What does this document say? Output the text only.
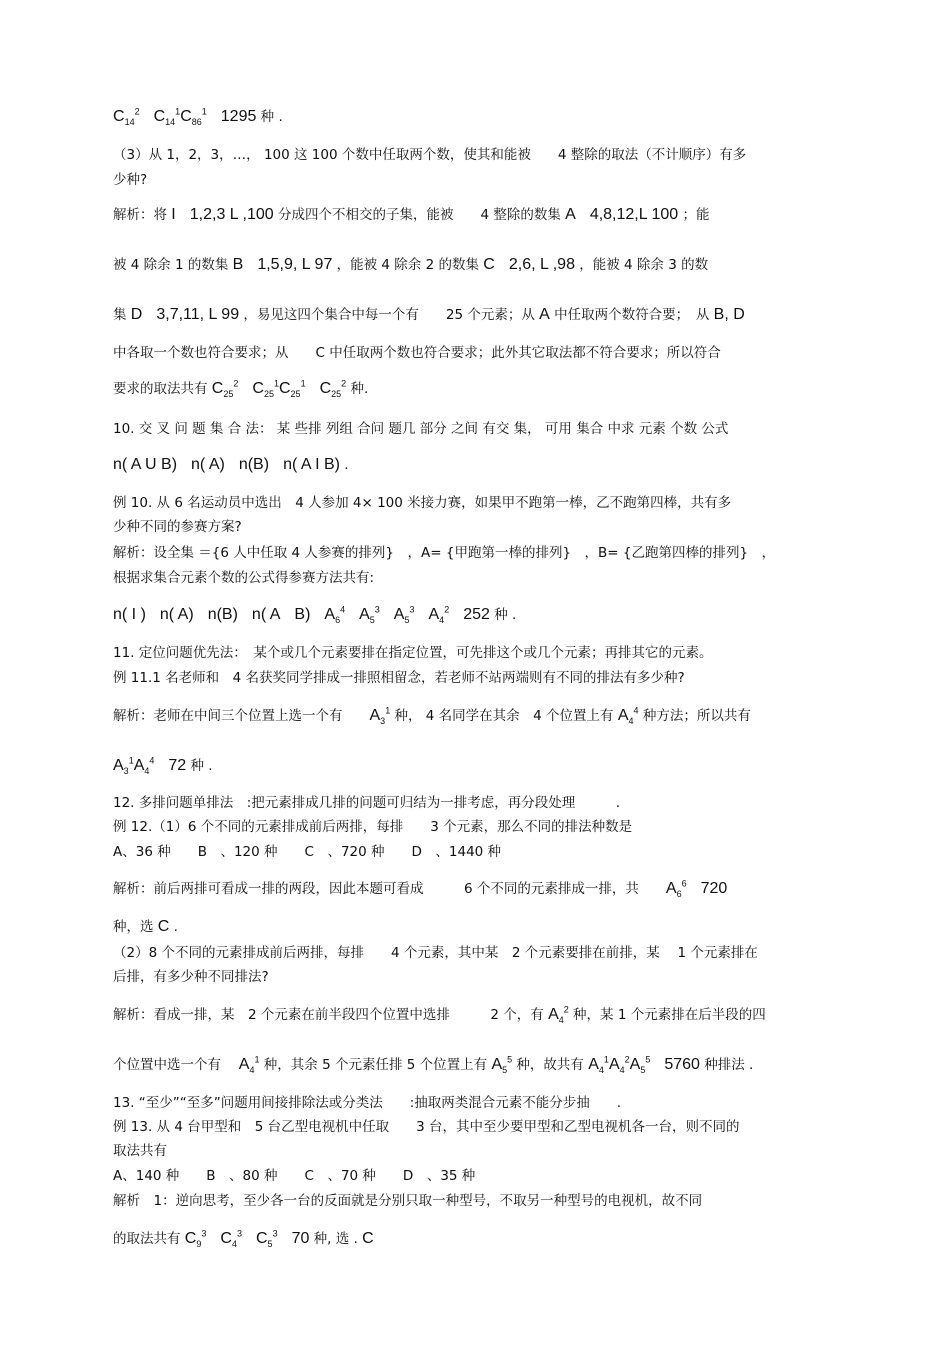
$C_{14}^2$ $C_{14}^1C_{86}^1$ 1295 种 .
（3）从 1，2，3，…， 100 这 100 个数中任取两个数，使其和能被　　4 整除的取法（不计顺序）有多
少种?
解析：将 I 1,2,3 L ,100 分成四个不相交的子集，能被　　4 整除的数集 A 4,8,12,L 100 ；能
被 4 除余 1 的数集 B 1,5,9, L 97 ，能被 4 除余 2 的数集 C 2,6, L ,98 ，能被 4 除余 3 的数
集 D 3,7,11, L 99 ，易见这四个集合中每一个有　　25 个元素；从 A 中任取两个数符合要；　从 B, D
中各取一个数也符合要求；从　　C 中任取两个数也符合要求；此外其它取法都不符合要求；所以符合
要求的取法共有 $C_{25}^2$ $C_{25}^1C_{25}^1$ $C_{25}^2$ 种.
10. 交 叉 问 题 集 合 法： 某 些排 列组 合问 题几 部分 之间 有交 集， 可用 集合 中求 元素 个数 公式
n( A U B) n( A) n(B) n( A I B) .
例 10. 从 6 名运动员中选出　4 人参加 4× 100 米接力赛，如果甲不跑第一棒，乙不跑第四棒，共有多
少种不同的参赛方案?
解析：设全集 ＝{6 人中任取 4 人参赛的排列}　，A= {甲跑第一棒的排列}　，B= {乙跑第四棒的排列}　，
根据求集合元素个数的公式得参赛方法共有:
n( I ) n( A) n(B) n( A B) $A_6^4$ $A_5^3$ $A_5^3$ $A_4^2$ 252 种 .
11. 定位问题优先法：　某个或几个元素要排在指定位置，可先排这个或几个元素；再排其它的元素。
例 11.1 名老师和　4 名获奖同学排成一排照相留念，若老师不站两端则有不同的排法有多少种?
解析：老师在中间三个位置上选一个有　　$A_3^1$ 种， 4 名同学在其余　4 个位置上有 $A_4^4$ 种方法；所以共有
$A_3^1A_4^4$ 72 种 .
12. 多排问题单排法　:把元素排成几排的问题可归结为一排考虑，再分段处理　　　.
例 12.（1）6 个不同的元素排成前后两排，每排　　3 个元素，那么不同的排法种数是
A、36 种　　B　、120 种　　C　、720 种　　D　、1440 种
解析：前后两排可看成一排的两段，因此本题可看成　　　6 个不同的元素排成一排，共　　$A_6^6$ 720
种，选 C .
（2）8 个不同的元素排成前后两排，每排　　4 个元素，其中某　2 个元素要排在前排，某　 1 个元素排在
后排，有多少种不同排法?
解析：看成一排，某　2 个元素在前半段四个位置中选排　　　2 个，有 $A_4^2$ 种，某 1 个元素排在后半段的四
个位置中选一个有　 $A_4^1$ 种，其余 5 个元素任排 5 个位置上有 $A_5^5$ 种，故共有 $A_4^1A_4^2A_5^5$ 5760 种排法 .
13. “至少”“至多”问题用间接排除法或分类法　　:抽取两类混合元素不能分步抽　　.
例 13. 从 4 台甲型和　5 台乙型电视机中任取　　3 台，其中至少要甲型和乙型电视机各一台，则不同的
取法共有
A、140 种　　B　、80 种　　C　、70 种　　D　、35 种
解析　1：逆向思考，至少各一台的反面就是分别只取一种型号，不取另一种型号的电视机，故不同
的取法共有 $C_9^3$ $C_4^3$ $C_5^3$ 70 种, 选 . C
